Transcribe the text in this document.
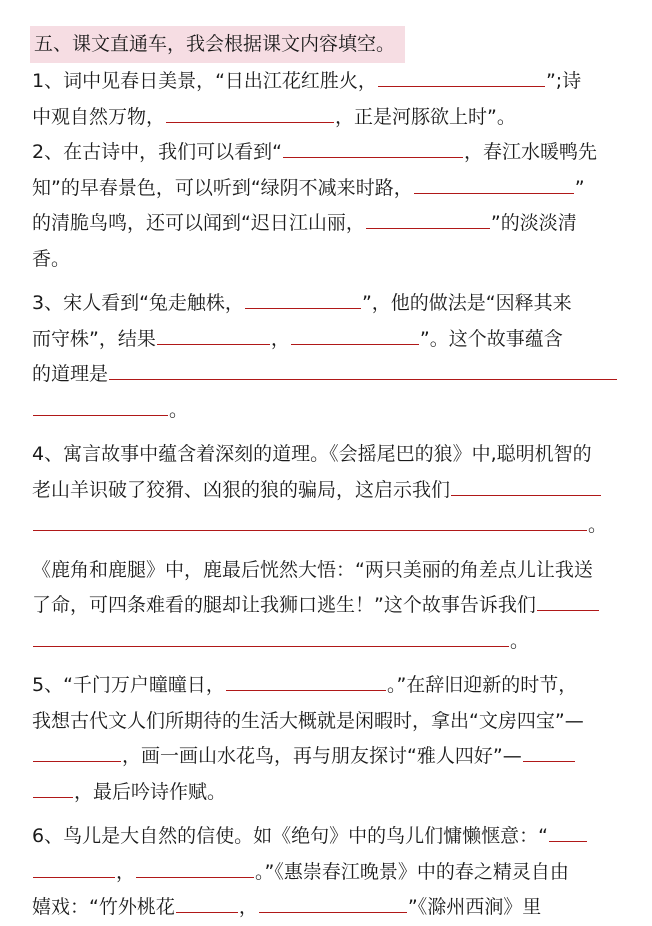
五、课文直通车，我会根据课文内容填空。
1、词中见春日美景，“日出江花红胜火，	”;诗
中观自然万物，	，正是河豚欲上时”。
2、在古诗中，我们可以看到“	，春江水暖鸭先
知”的早春景色，可以听到“绿阴不减来时路，	”
的清脆鸟鸣，还可以闻到“迟日江山丽，	”的淡淡清
香。
3、宋人看到“兔走触株，	”，他的做法是“因释其来
而守株”，结果	，	”。这个故事蕴含
的道理是
。
4、寓言故事中蕴含着深刻的道理。《会摇尾巴的狼》中,聪明机智的
老山羊识破了狡猾、凶狠的狼的骗局，这启示我们
。
《鹿角和鹿腿》中，鹿最后恍然大悟：“两只美丽的角差点儿让我送
了命，可四条难看的腿却让我狮口逃生！”这个故事告诉我们
。
5、“千门万户曈曈日，	。”在辞旧迎新的时节，
我想古代文人们所期待的生活大概就是闲暇时，拿出“文房四宝”—
，画一画山水花鸟，再与朋友探讨“雅人四好”—
，最后吟诗作赋。
6、鸟儿是大自然的信使。如《绝句》中的鸟儿们慵懒惬意：“
，	。”《惠崇春江晚景》中的春之精灵自由
嬉戏：“竹外桃花	，	”《滁州西涧》里
